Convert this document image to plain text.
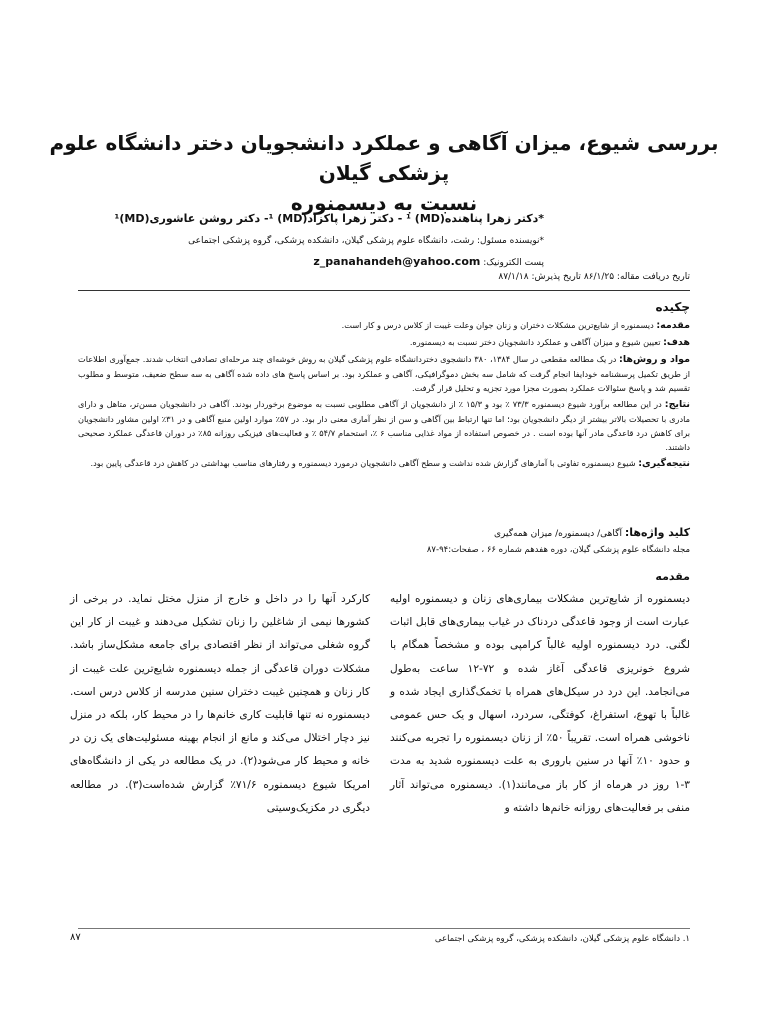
بررسی شیوع، میزان آگاهی و عملکرد دانشجویان دختر دانشگاه علوم پزشکی گیلان
نسبت به دیسمنوره
*دکتر زهرا پناهنده(MD) ¹ - دکتر زهرا پاکزاد(MD) ¹- دکتر روشن عاشوری(MD)¹
*نویسنده مسئول: رشت، دانشگاه علوم پزشکی گیلان، دانشکده پزشکی، گروه پزشکی اجتماعی
پست الکترونیک: z_panahandeh@yahoo.com
تاریخ دریافت مقاله: ۸۶/۱/۲۵ تاریخ پذیرش: ۸۷/۱/۱۸
چکیده

مقدمه: دیسمنوره از شایع‌ترین مشکلات دختران و زنان جوان وعلت غیبت از کلاس درس و کار است.

هدف: تعیین شیوع و میزان آگاهی و عملکرد دانشجویان دختر نسبت به دیسمنوره.

مواد و روش‌ها: در یک مطالعه مقطعی در سال ۱۳۸۴، ۳۸۰ دانشجوی دختردانشگاه علوم پزشکی گیلان به روش خوشه‌ای چند مرحله‌ای تصادفی انتخاب شدند. جمع‌آوری اطلاعات از طریق تکمیل پرسشنامه خودایفا انجام گرفت که شامل سه بخش دموگرافیکی، آگاهی و عملکرد بود. بر اساس پاسخ های داده شده آگاهی به سه سطح ضعیف، متوسط و مطلوب تقسیم شد و پاسخ سئوالات عملکرد بصورت مجزا مورد تجزیه و تحلیل قرار گرفت.

نتایج: در این مطالعه برآورد شیوع دیسمنوره ۷۳/۳ ٪ بود و ۱۵/۳ ٪ از دانشجویان از آگاهی مطلوبی نسبت به موضوع برخوردار بودند. آگاهی در دانشجویان مسن‌تر، متاهل و دارای مادری با تحصیلات بالاتر بیشتر از دیگر دانشجویان بود؛ اما تنها ارتباط بین آگاهی و سن از نظر آماری معنی دار بود. در ۵۷٪ موارد اولین منبع آگاهی و در ۳۱٪ اولین مشاور دانشجویان برای کاهش درد قاعدگی مادر آنها بوده است . در خصوص استفاده از مواد غذایی مناسب ۶ ٪، استحمام ۵۴/۷ ٪ و فعالیت‌های فیزیکی روزانه ۸۵٪ در دوران قاعدگی عملکرد صحیحی داشتند.

نتیجه‌گیری: شیوع دیسمنوره تفاوتی با آمارهای گزارش شده نداشت و سطح آگاهی دانشجویان درمورد دیسمنوره و رفتارهای مناسب بهداشتی در کاهش درد قاعدگی پایین بود.

کلید واژه‌ها: آگاهی/ دیسمنوره/ میزان همه‌گیری
مجله دانشگاه علوم پزشکی گیلان، دوره هفدهم شماره ۶۶ ، صفحات:۹۴-۸۷
مقدمه

دیسمنوره از شایع‌ترین مشکلات بیماری‌های زنان و دیسمنوره اولیه عبارت است از وجود قاعدگی دردناک در غیاب بیماری‌های قابل اثبات لگنی. درد دیسمنوره اولیه غالباً کرامپی بوده و مشخصاً همگام با شروع خونریزی قاعدگی آغاز شده و ۷۲-۱۲ ساعت به‌طول می‌انجامد. این درد در سیکل‌های همراه با تخمک‌گذاری ایجاد شده و غالباً با تهوع، استفراغ، کوفتگی، سردرد، اسهال و یک حس عمومی ناخوشی همراه است. تقریباً ۵۰٪ از زنان دیسمنوره را تجربه می‌کنند و حدود ۱۰٪ آنها در سنین باروری به علت دیسمنوره شدید به مدت ۳-۱ روز در هرماه از کار باز می‌مانند(۱). دیسمنوره می‌تواند آثار منفی بر فعالیت‌های روزانه خانم‌ها داشته و

کارکرد آنها را در داخل و خارج از منزل مختل نماید. در برخی از کشورها نیمی از شاغلین را زنان تشکیل می‌دهند و غیبت از کار این گروه شغلی می‌تواند از نظر اقتصادی برای جامعه مشکل‌ساز باشد. مشکلات دوران قاعدگی از جمله دیسمنوره شایع‌ترین علت غیبت از کار زنان و همچنین غیبت دختران سنین مدرسه از کلاس درس است. دیسمنوره نه تنها قابلیت کاری خانم‌ها را در محیط کار، بلکه در منزل نیز دچار اختلال می‌کند و مانع از انجام بهینه مسئولیت‌های یک زن در خانه و محیط کار می‌شود(۲). در یک مطالعه در یکی از دانشگاه‌های امریکا شیوع دیسمنوره ۷۱/۶٪ گزارش شده‌است(۳). در مطالعه دیگری در مکزیک‌وسیتی

۸۷	۱. دانشگاه علوم پزشکی گیلان، دانشکده پزشکی، گروه پزشکی اجتماعی
